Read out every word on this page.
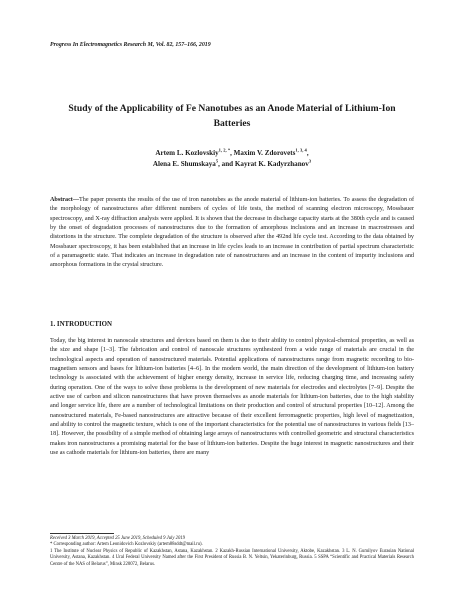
Progress In Electromagnetics Research M, Vol. 82, 157–166, 2019
Study of the Applicability of Fe Nanotubes as an Anode Material of Lithium-Ion Batteries
Artem L. Kozlovskiy$^{1, 2, *}$, Maxim V. Zdorovets$^{1, 3, 4}$,
Alena E. Shumskaya$^5$, and Kayrat K. Kadyrzhanov$^3$
Abstract—The paper presents the results of the use of iron nanotubes as the anode material of lithium-ion batteries. To assess the degradation of the morphology of nanostructures after different numbers of cycles of life tests, the method of scanning electron microscopy, Mossbauer spectroscopy, and X-ray diffraction analysis were applied. It is shown that the decrease in discharge capacity starts at the 380th cycle and is caused by the onset of degradation processes of nanostructures due to the formation of amorphous inclusions and an increase in macrostresses and distortions in the structure. The complete degradation of the structure is observed after the 492nd life cycle test. According to the data obtained by Mossbauer spectroscopy, it has been established that an increase in life cycles leads to an increase in contribution of partial spectrum characteristic of a paramagnetic state. That indicates an increase in degradation rate of nanostructures and an increase in the content of impurity inclusions and amorphous formations in the crystal structure.
1. INTRODUCTION
Today, the big interest in nanoscale structures and devices based on them is due to their ability to control physical-chemical properties, as well as the size and shape [1–3]. The fabrication and control of nanoscale structures synthesized from a wide range of materials are crucial in the technological aspects and operation of nanostructured materials. Potential applications of nanostructures range from magnetic recording to bio-magnetism sensors and bases for lithium-ion batteries [4–6]. In the modern world, the main direction of the development of lithium-ion battery technology is associated with the achievement of higher energy density, increase in service life, reducing charging time, and increasing safety during operation. One of the ways to solve these problems is the development of new materials for electrodes and electrolytes [7–9]. Despite the active use of carbon and silicon nanostructures that have proven themselves as anode materials for lithium-ion batteries, due to the high stability and longer service life, there are a number of technological limitations on their production and control of structural properties [10–12]. Among the nanostructured materials, Fe-based nanostructures are attractive because of their excellent ferromagnetic properties, high level of magnetization, and ability to control the magnetic texture, which is one of the important characteristics for the potential use of nanostructures in various fields [13–18]. However, the possibility of a simple method of obtaining large arrays of nanostructures with controlled geometric and structural characteristics makes iron nanostructures a promising material for the base of lithium-ion batteries. Despite the huge interest in magnetic nanostructures and their use as cathode materials for lithium-ion batteries, there are many

Received 3 March 2019, Accepted 25 June 2019, Scheduled 9 July 2019

* Corresponding author: Artem Leonidovich Kozlovskiy (artem88sddt@mail.ru).

1 The Institute of Nuclear Physics of Republic of Kazakhstan, Astana, Kazakhstan. 2 Kazakh-Russian International University, Aktobe, Kazakhstan. 3 L. N. Gumilyov Eurasian National University, Astana, Kazakhstan. 4 Ural Federal University Named after the First President of Russia B. N. Yeltsin, Yekaterinburg, Russia. 5 SSPA “Scientific and Practical Materials Research Centre of the NAS of Belarus”, Minsk 220072, Belarus.
